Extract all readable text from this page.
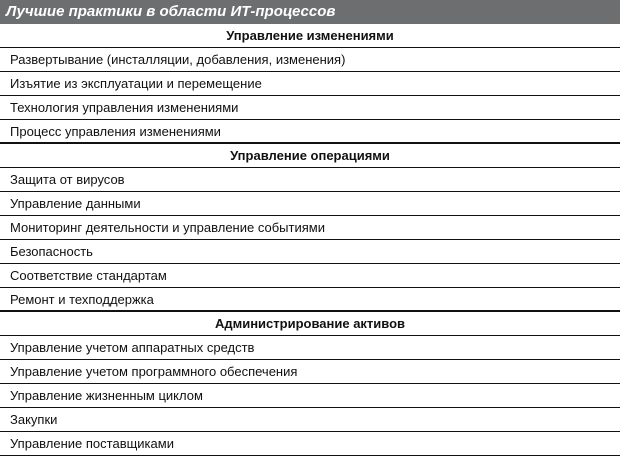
Лучшие практики в области ИТ-процессов
Управление изменениями
Развертывание (инсталляции, добавления, изменения)
Изъятие из эксплуатации и перемещение
Технология управления изменениями
Процесс управления изменениями
Управление операциями
Защита от вирусов
Управление данными
Мониторинг деятельности и управление событиями
Безопасность
Соответствие стандартам
Ремонт и техподдержка
Администрирование активов
Управление учетом аппаратных средств
Управление учетом программного обеспечения
Управление жизненным циклом
Закупки
Управление поставщиками
